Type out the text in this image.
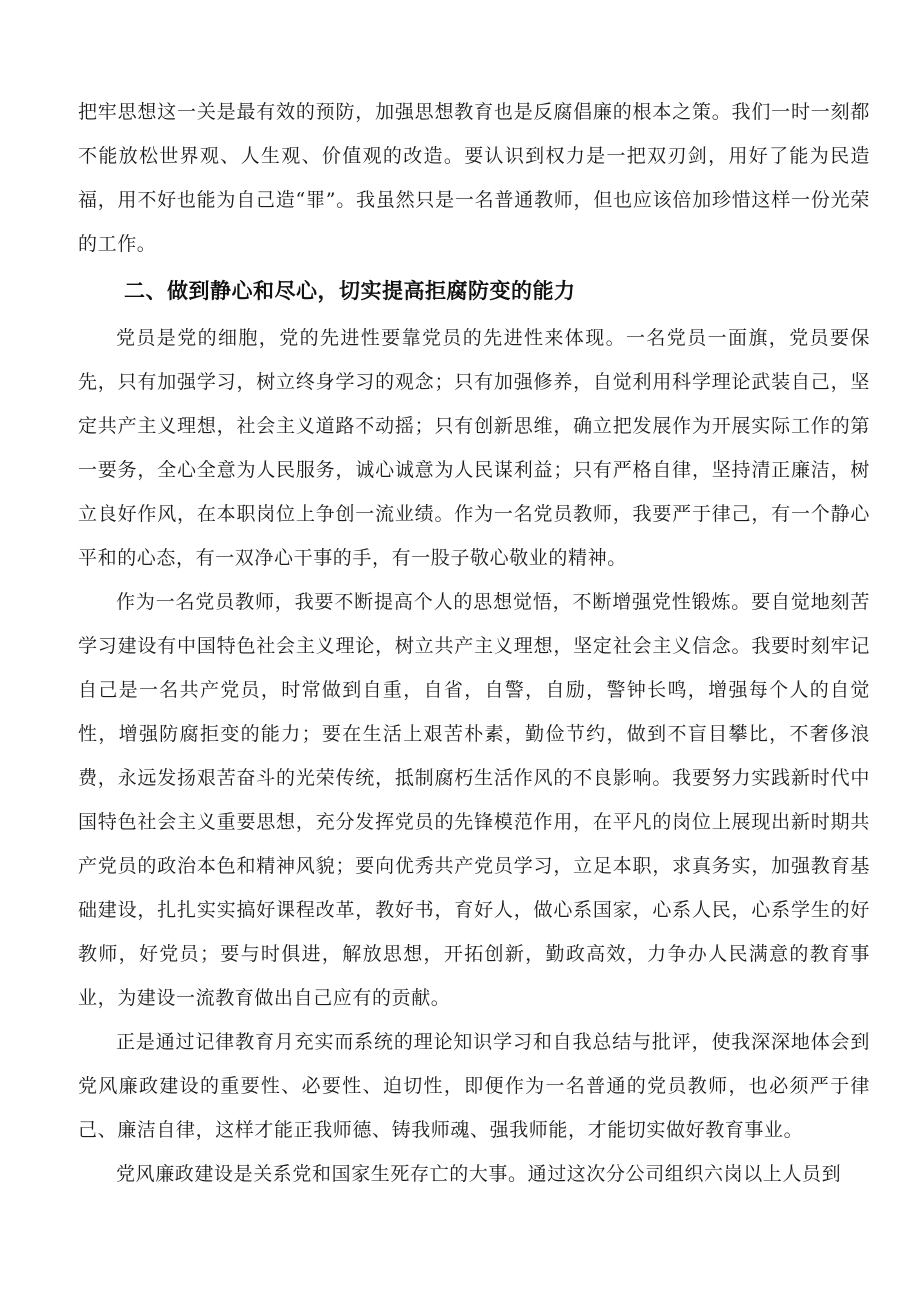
把牢思想这一关是最有效的预防，加强思想教育也是反腐倡廉的根本之策。我们一时一刻都不能放松世界观、人生观、价值观的改造。要认识到权力是一把双刃剑，用好了能为民造福，用不好也能为自己造“罪”。我虽然只是一名普通教师，但也应该倍加珍惜这样一份光荣的工作。

二、做到静心和尽心，切实提高拒腐防变的能力

党员是党的细胞，党的先进性要靠党员的先进性来体现。一名党员一面旗，党员要保先，只有加强学习，树立终身学习的观念；只有加强修养，自觉利用科学理论武装自己，坚定共产主义理想，社会主义道路不动摇；只有创新思维，确立把发展作为开展实际工作的第一要务，全心全意为人民服务，诚心诚意为人民谋利益；只有严格自律，坚持清正廉洁，树立良好作风，在本职岗位上争创一流业绩。作为一名党员教师，我要严于律己，有一个静心平和的心态，有一双净心干事的手，有一股子敬心敬业的精神。

作为一名党员教师，我要不断提高个人的思想觉悟，不断增强党性锻炼。要自觉地刻苦学习建设有中国特色社会主义理论，树立共产主义理想，坚定社会主义信念。我要时刻牢记自己是一名共产党员，时常做到自重，自省，自警，自励，警钟长鸣，增强每个人的自觉性，增强防腐拒变的能力；要在生活上艰苦朴素，勤俭节约，做到不盲目攀比，不奢侈浪费，永远发扬艰苦奋斗的光荣传统，抵制腐朽生活作风的不良影响。我要努力实践新时代中国特色社会主义重要思想，充分发挥党员的先锋模范作用，在平凡的岗位上展现出新时期共产党员的政治本色和精神风貌；要向优秀共产党员学习，立足本职，求真务实，加强教育基础建设，扎扎实实搞好课程改革，教好书，育好人，做心系国家，心系人民，心系学生的好教师，好党员；要与时俱进，解放思想，开拓创新，勤政高效，力争办人民满意的教育事业，为建设一流教育做出自己应有的贡献。

正是通过记律教育月充实而系统的理论知识学习和自我总结与批评，使我深深地体会到党风廉政建设的重要性、必要性、迫切性，即便作为一名普通的党员教师，也必须严于律己、廉洁自律，这样才能正我师德、铸我师魂、强我师能，才能切实做好教育事业。

党风廉政建设是关系党和国家生死存亡的大事。通过这次分公司组织六岗以上人员到
